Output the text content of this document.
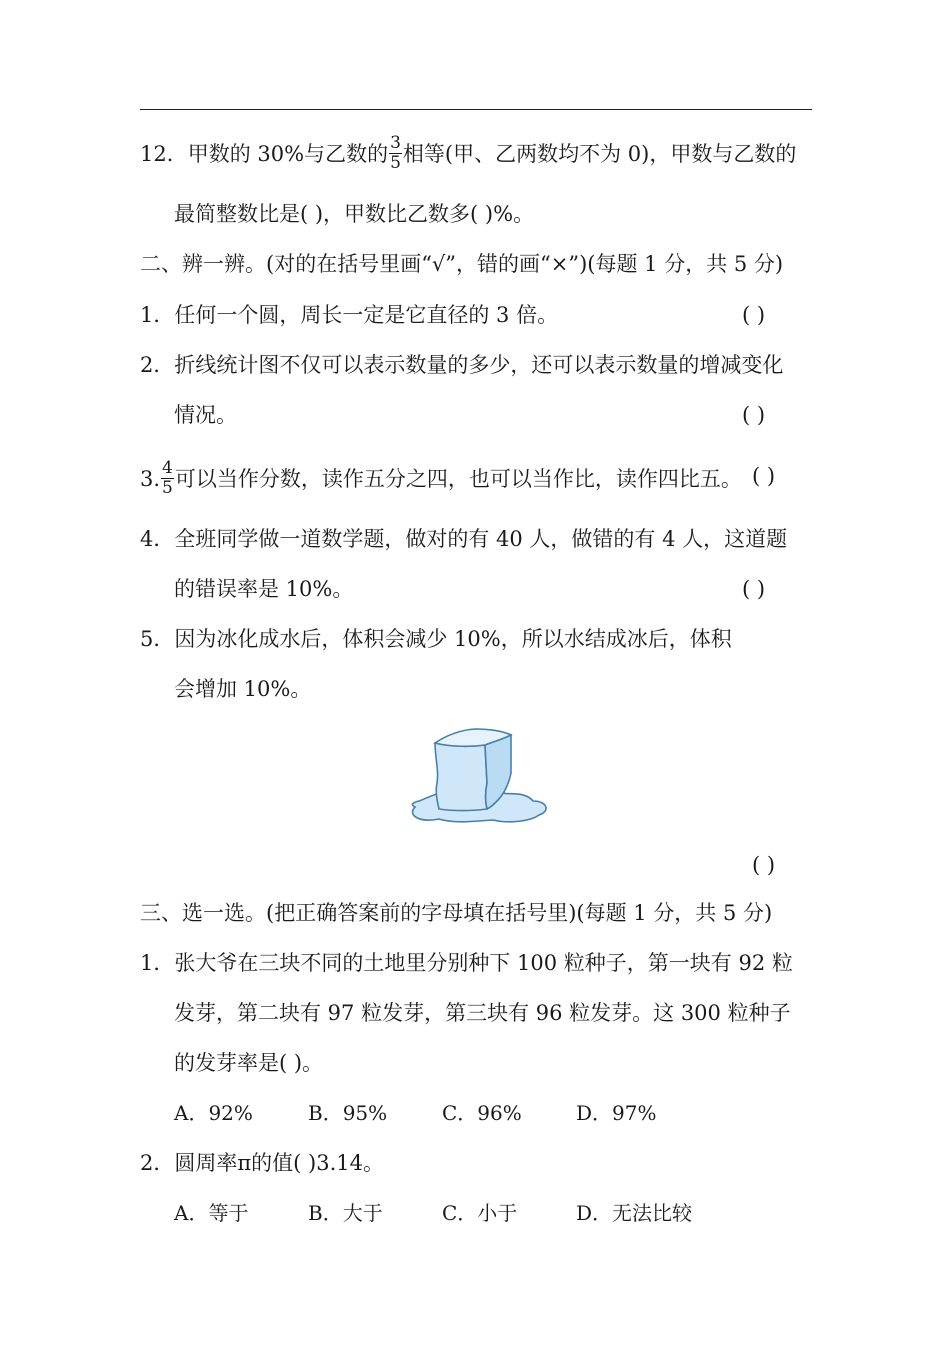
12．甲数的 30%与乙数的 $\frac{3}{5}$ 相等(甲、乙两数均不为 0)，甲数与乙数的
最简整数比是( )，甲数比乙数多( )%。
二、辨一辨。(对的在括号里画“√”，错的画“×”)(每题 1 分，共 5 分)
1．任何一个圆，周长一定是它直径的 3 倍。	( )
2．折线统计图不仅可以表示数量的多少，还可以表示数量的增减变化
情况。	( )
3. $\frac{4}{5}$ 可以当作分数，读作五分之四，也可以当作比，读作四比五。 ( )
4．全班同学做一道数学题，做对的有 40 人，做错的有 4 人，这道题
的错误率是 10%。	( )
5．因为冰化成水后，体积会减少 10%，所以水结成冰后，体积
会增加 10%。
( )
三、选一选。(把正确答案前的字母填在括号里)(每题 1 分，共 5 分)
1．张大爷在三块不同的土地里分别种下 100 粒种子，第一块有 92 粒
发芽，第二块有 97 粒发芽，第三块有 96 粒发芽。这 300 粒种子
的发芽率是( )。
A．92%	B．95%	C．96%	D．97%
2．圆周率π的值( )3.14。
A．等于	B．大于	C．小于	D．无法比较
